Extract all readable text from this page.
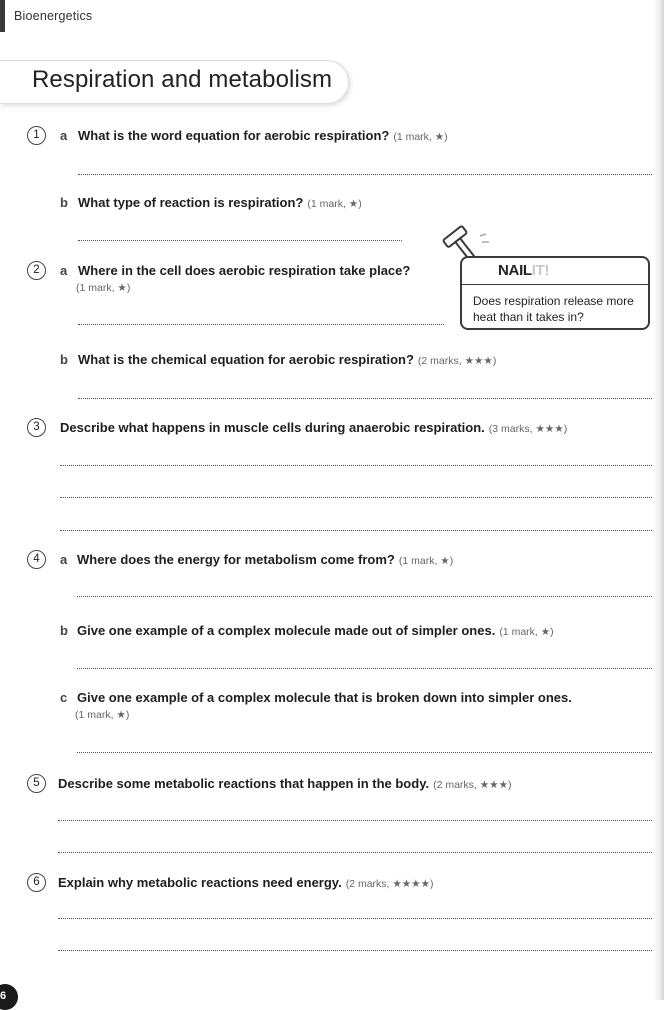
Bioenergetics
Respiration and metabolism
1	a What is the word equation for aerobic respiration? (1 mark, ★)
b What type of reaction is respiration? (1 mark, ★)
2	a Where in the cell does aerobic respiration take place?
(1 mark, ★)
b What is the chemical equation for aerobic respiration? (2 marks, ★★★)
NAILIT!
Does respiration release more heat than it takes in?
3	Describe what happens in muscle cells during anaerobic respiration. (3 marks, ★★★)
4	a Where does the energy for metabolism come from? (1 mark, ★)
b Give one example of a complex molecule made out of simpler ones. (1 mark, ★)
c Give one example of a complex molecule that is broken down into simpler ones.
(1 mark, ★)
5	Describe some metabolic reactions that happen in the body. (2 marks, ★★★)
6	Explain why metabolic reactions need energy. (2 marks, ★★★★)
6
